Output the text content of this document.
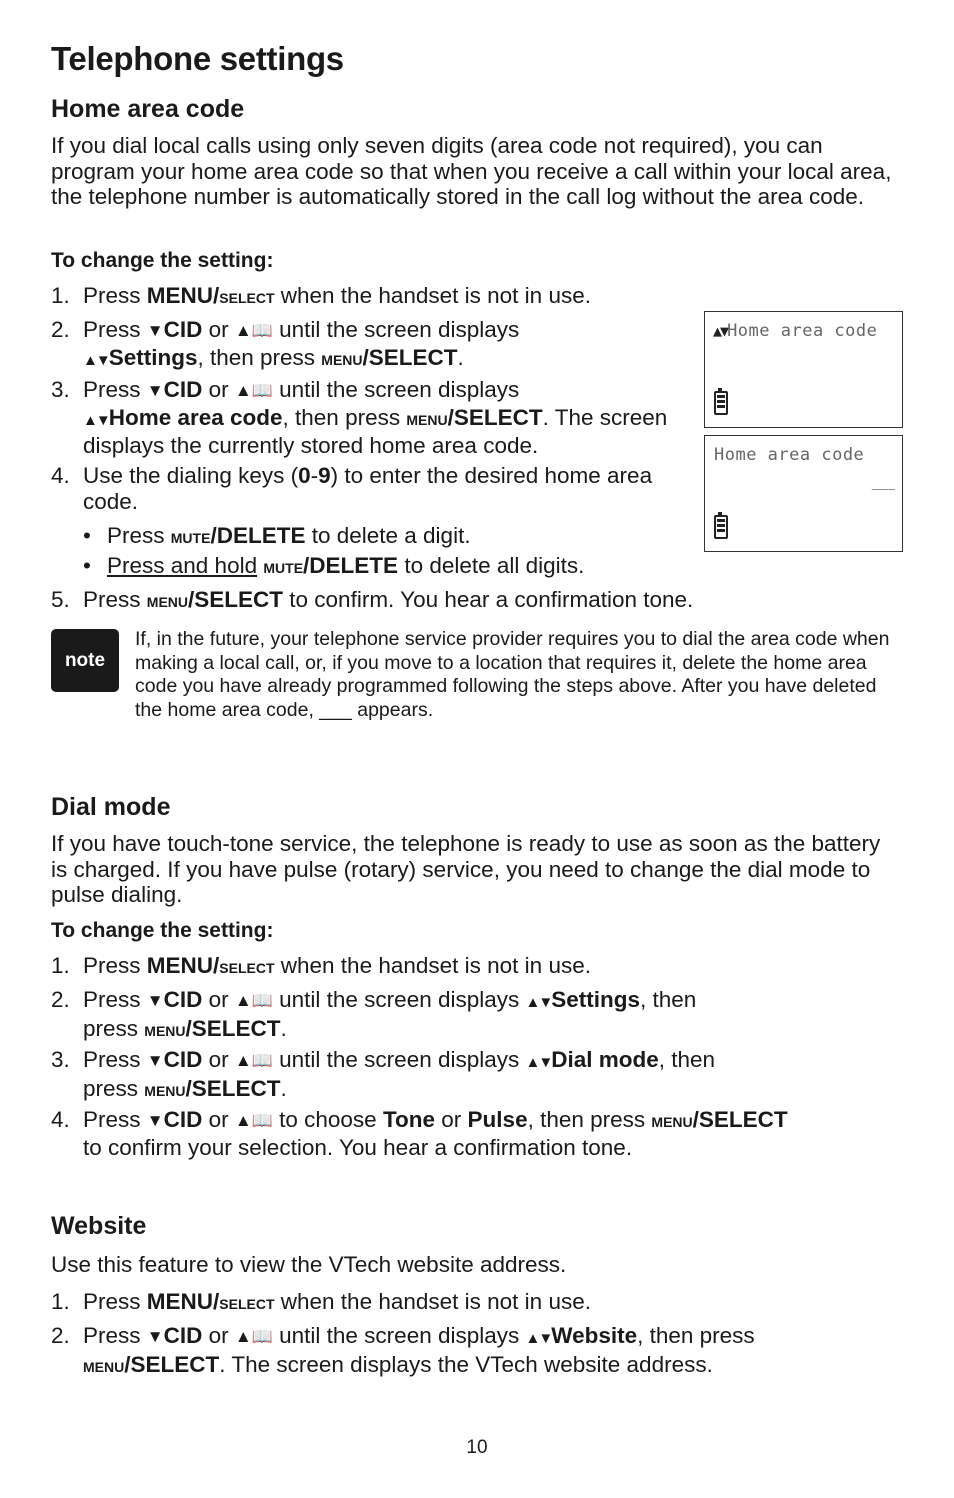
Telephone settings
Home area code

If you dial local calls using only seven digits (area code not required), you can program your home area code so that when you receive a call within your local area, the telephone number is automatically stored in the call log without the area code.

To change the setting:

1. Press MENU/select when the handset is not in use.
2. Press ▼CID or ▲📖 until the screen displays
▲▼Settings, then press menu/SELECT.
3. Press ▼CID or ▲📖 until the screen displays
▲▼Home area code, then press menu/SELECT. The screen displays the currently stored home area code.
4. Use the dialing keys (0-9) to enter the desired home area code.
• Press mute/DELETE to delete a digit.
• Press and hold mute/DELETE to delete all digits.
5. Press menu/SELECT to confirm. You hear a confirmation tone.
▲▼Home area code
Home area code
___
note

If, in the future, your telephone service provider requires you to dial the area code when making a local call, or, if you move to a location that requires it, delete the home area code you have already programmed following the steps above. After you have deleted the home area code, ___ appears.

Dial mode

If you have touch-tone service, the telephone is ready to use as soon as the battery is charged. If you have pulse (rotary) service, you need to change the dial mode to pulse dialing.

To change the setting:

1. Press MENU/select when the handset is not in use.
2. Press ▼CID or ▲📖 until the screen displays ▲▼Settings, then
press menu/SELECT.
3. Press ▼CID or ▲📖 until the screen displays ▲▼Dial mode, then
press menu/SELECT.
4. Press ▼CID or ▲📖 to choose Tone or Pulse, then press menu/SELECT
to confirm your selection. You hear a confirmation tone.
Website

Use this feature to view the VTech website address.

1. Press MENU/select when the handset is not in use.
2. Press ▼CID or ▲📖 until the screen displays ▲▼Website, then press
menu/SELECT. The screen displays the VTech website address.
10
